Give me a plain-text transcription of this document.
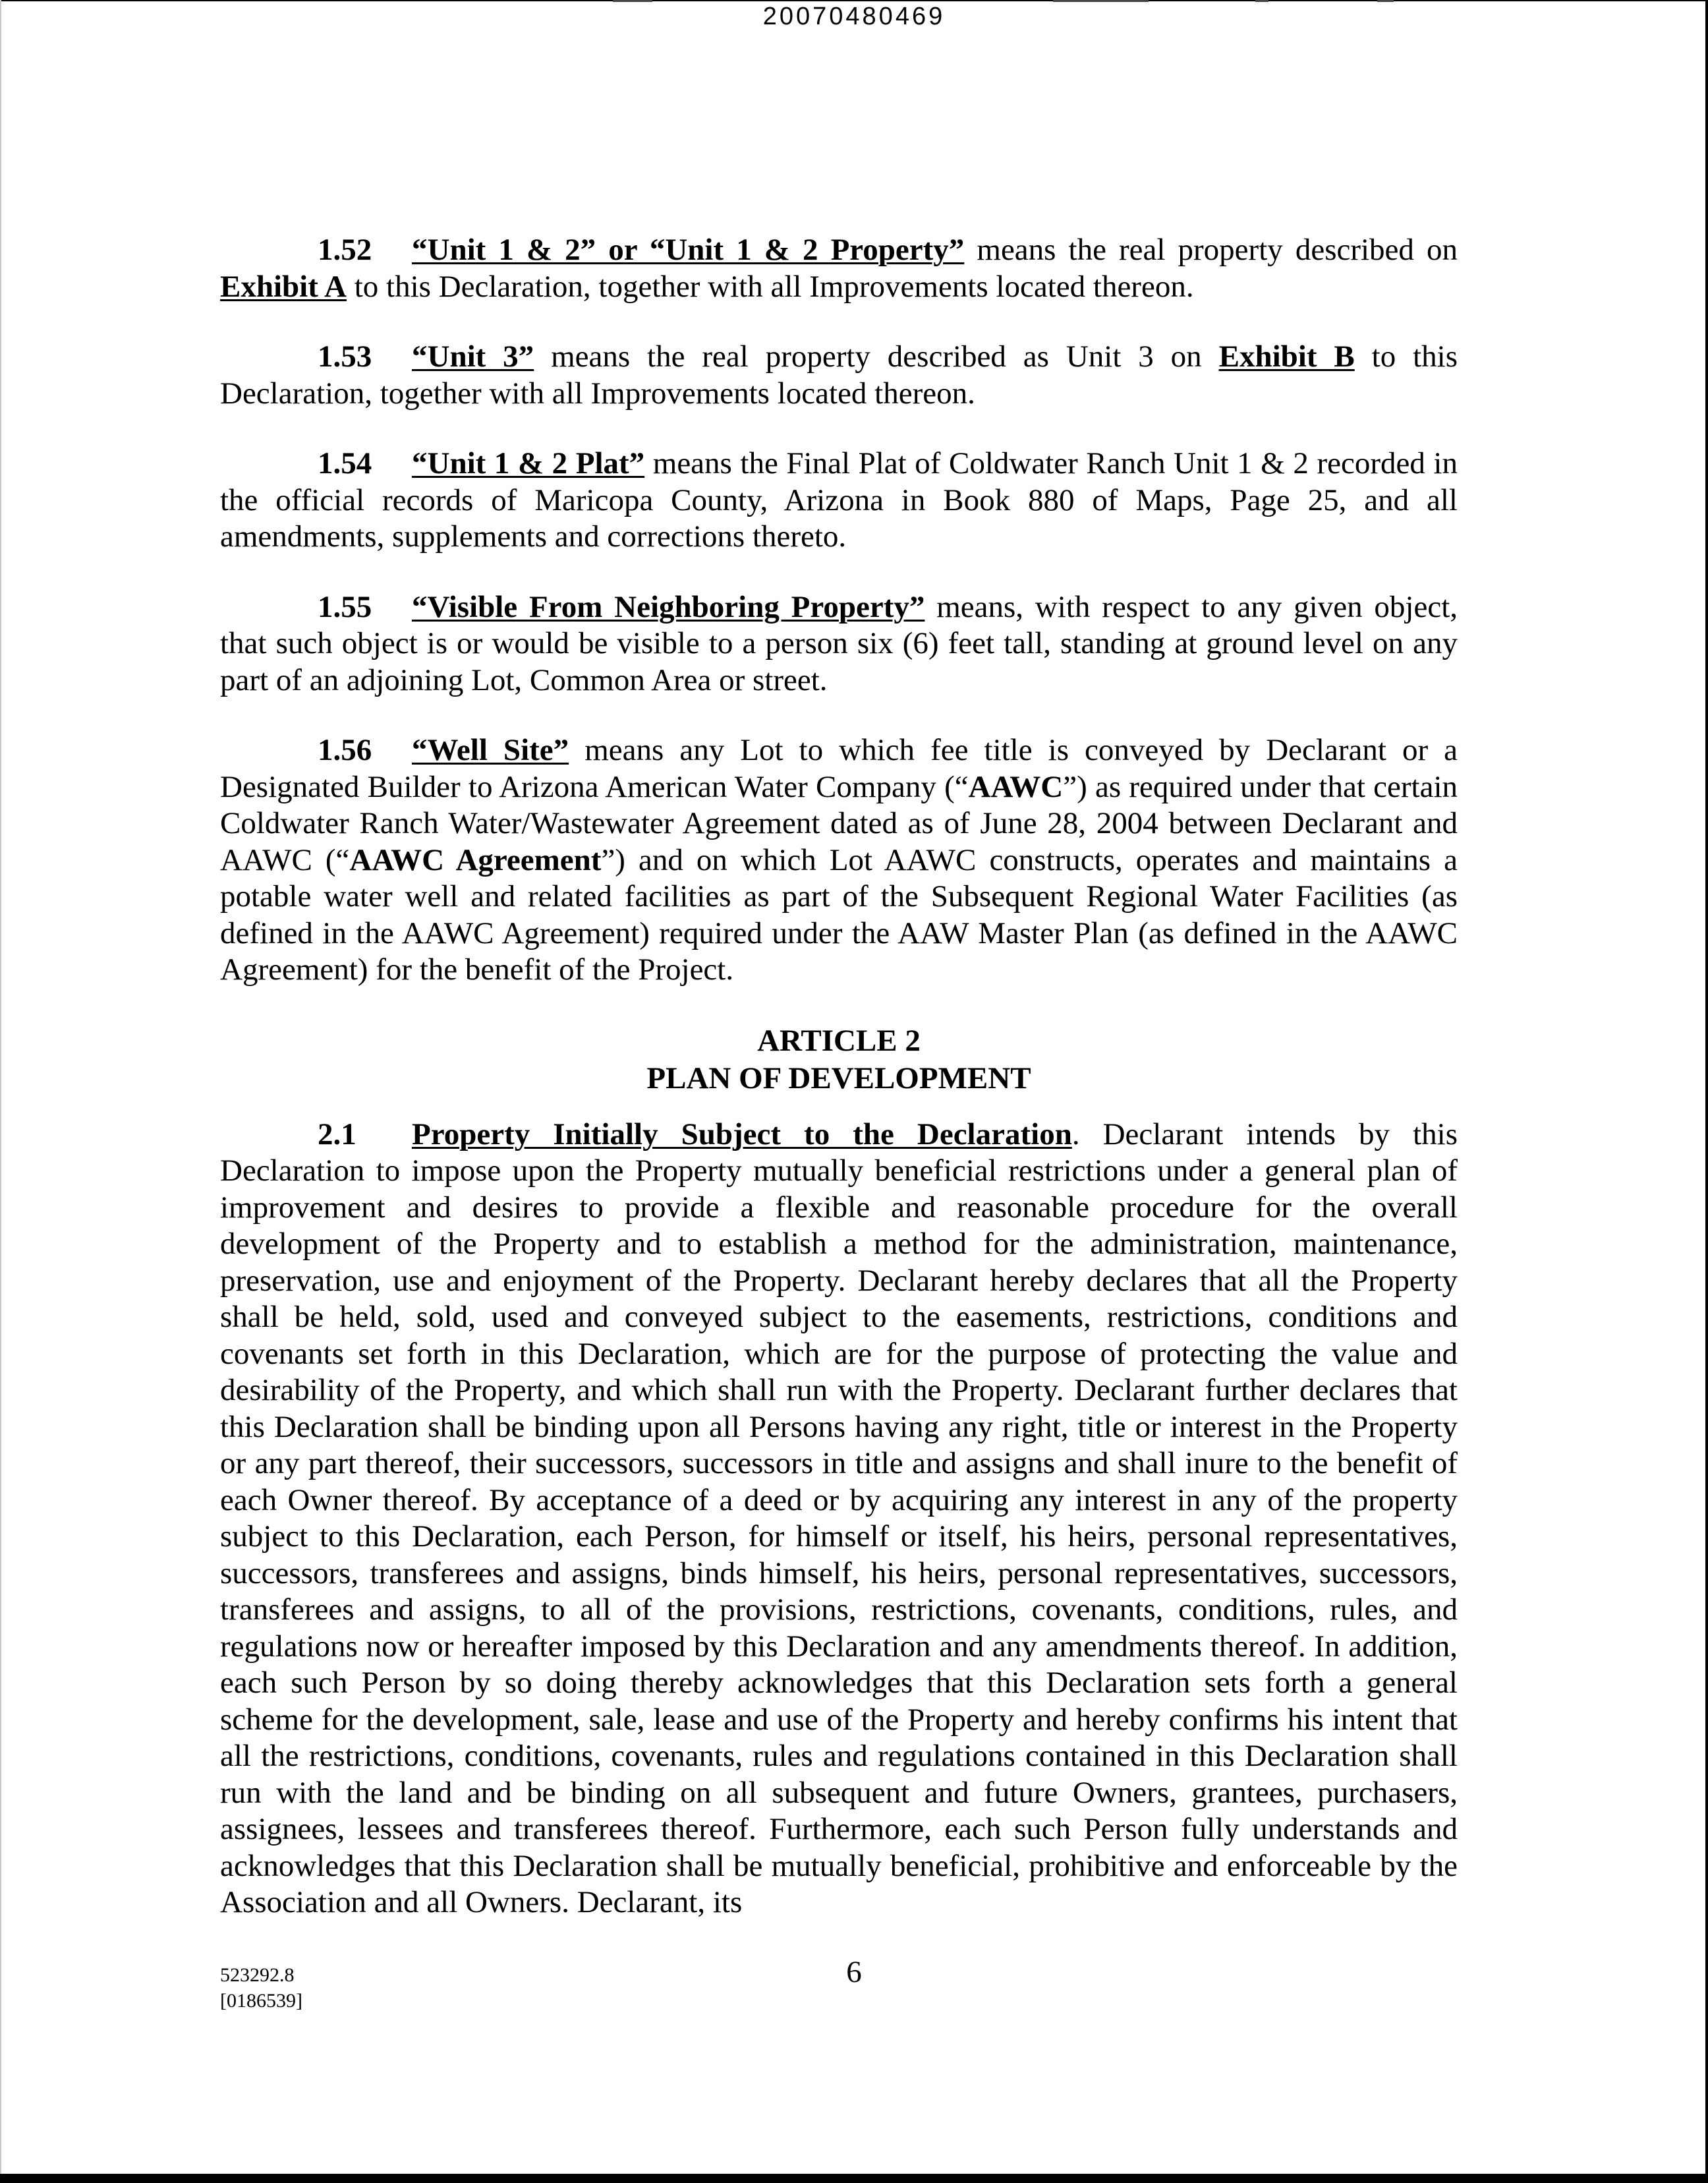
20070480469

1.52 “Unit 1 & 2” or “Unit 1 & 2 Property” means the real property described on Exhibit A to this Declaration, together with all Improvements located thereon.

1.53 “Unit 3” means the real property described as Unit 3 on Exhibit B to this Declaration, together with all Improvements located thereon.

1.54 “Unit 1 & 2 Plat” means the Final Plat of Coldwater Ranch Unit 1 & 2 recorded in the official records of Maricopa County, Arizona in Book 880 of Maps, Page 25, and all amendments, supplements and corrections thereto.

1.55 “Visible From Neighboring Property” means, with respect to any given object, that such object is or would be visible to a person six (6) feet tall, standing at ground level on any part of an adjoining Lot, Common Area or street.

1.56 “Well Site” means any Lot to which fee title is conveyed by Declarant or a Designated Builder to Arizona American Water Company (“AAWC”) as required under that certain Coldwater Ranch Water/Wastewater Agreement dated as of June 28, 2004 between Declarant and AAWC (“AAWC Agreement”) and on which Lot AAWC constructs, operates and maintains a potable water well and related facilities as part of the Subsequent Regional Water Facilities (as defined in the AAWC Agreement) required under the AAW Master Plan (as defined in the AAWC Agreement) for the benefit of the Project.

ARTICLE 2
PLAN OF DEVELOPMENT

2.1 Property Initially Subject to the Declaration. Declarant intends by this Declaration to impose upon the Property mutually beneficial restrictions under a general plan of improvement and desires to provide a flexible and reasonable procedure for the overall development of the Property and to establish a method for the administration, maintenance, preservation, use and enjoyment of the Property. Declarant hereby declares that all the Property shall be held, sold, used and conveyed subject to the easements, restrictions, conditions and covenants set forth in this Declaration, which are for the purpose of protecting the value and desirability of the Property, and which shall run with the Property. Declarant further declares that this Declaration shall be binding upon all Persons having any right, title or interest in the Property or any part thereof, their successors, successors in title and assigns and shall inure to the benefit of each Owner thereof. By acceptance of a deed or by acquiring any interest in any of the property subject to this Declaration, each Person, for himself or itself, his heirs, personal representatives, successors, transferees and assigns, binds himself, his heirs, personal representatives, successors, transferees and assigns, to all of the provisions, restrictions, covenants, conditions, rules, and regulations now or hereafter imposed by this Declaration and any amendments thereof. In addition, each such Person by so doing thereby acknowledges that this Declaration sets forth a general scheme for the development, sale, lease and use of the Property and hereby confirms his intent that all the restrictions, conditions, covenants, rules and regulations contained in this Declaration shall run with the land and be binding on all subsequent and future Owners, grantees, purchasers, assignees, lessees and transferees thereof. Furthermore, each such Person fully understands and acknowledges that this Declaration shall be mutually beneficial, prohibitive and enforceable by the Association and all Owners. Declarant, its

523292.8
[0186539]
6
